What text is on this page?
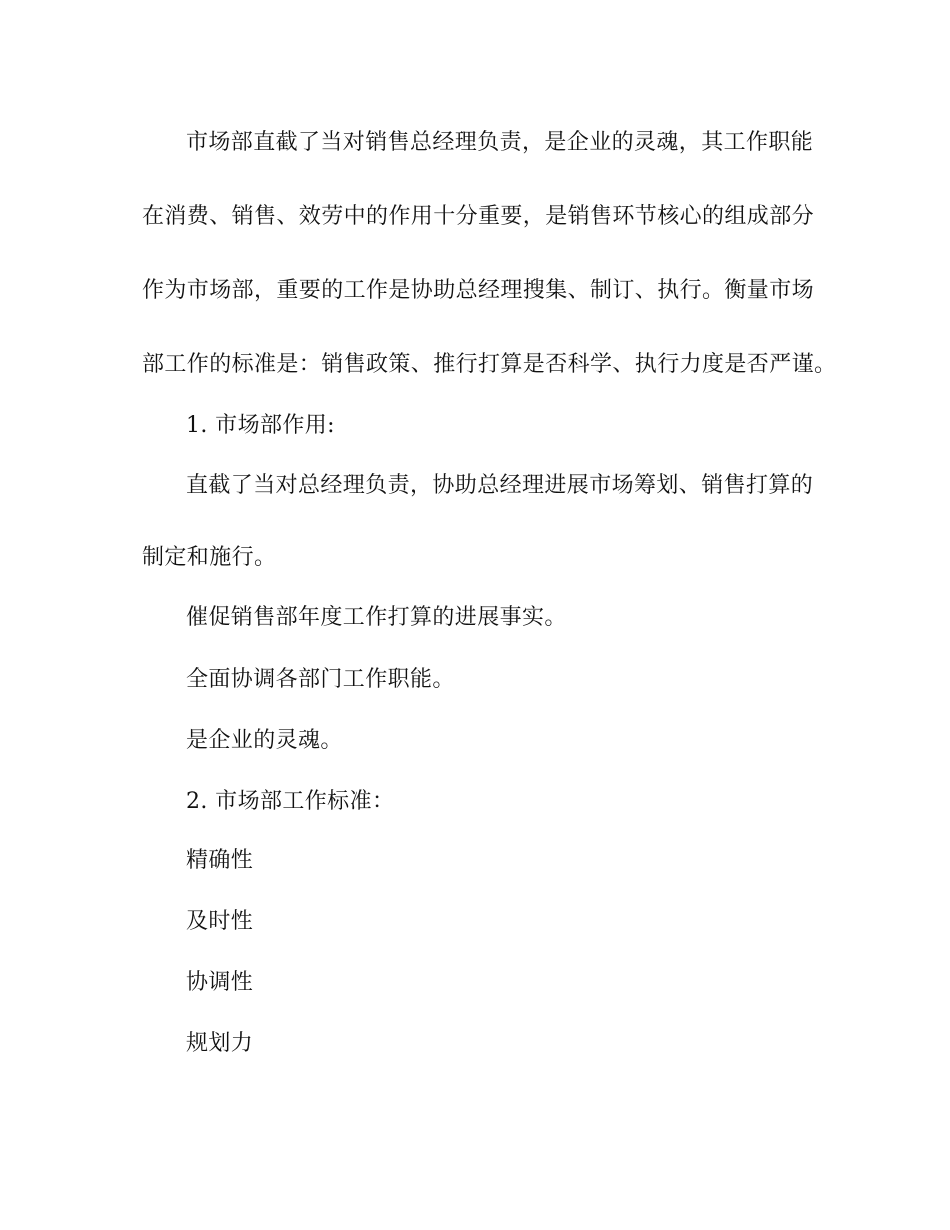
市场部直截了当对销售总经理负责，是企业的灵魂，其工作职能
在消费、销售、效劳中的作用十分重要，是销售环节核心的组成部分
作为市场部，重要的工作是协助总经理搜集、制订、执行。衡量市场
部工作的标准是：销售政策、推行打算是否科学、执行力度是否严谨。
1. 市场部作用:
直截了当对总经理负责，协助总经理进展市场筹划、销售打算的
制定和施行。
催促销售部年度工作打算的进展事实。
全面协调各部门工作职能。
是企业的灵魂。
2. 市场部工作标准：
精确性
及时性
协调性
规划力
